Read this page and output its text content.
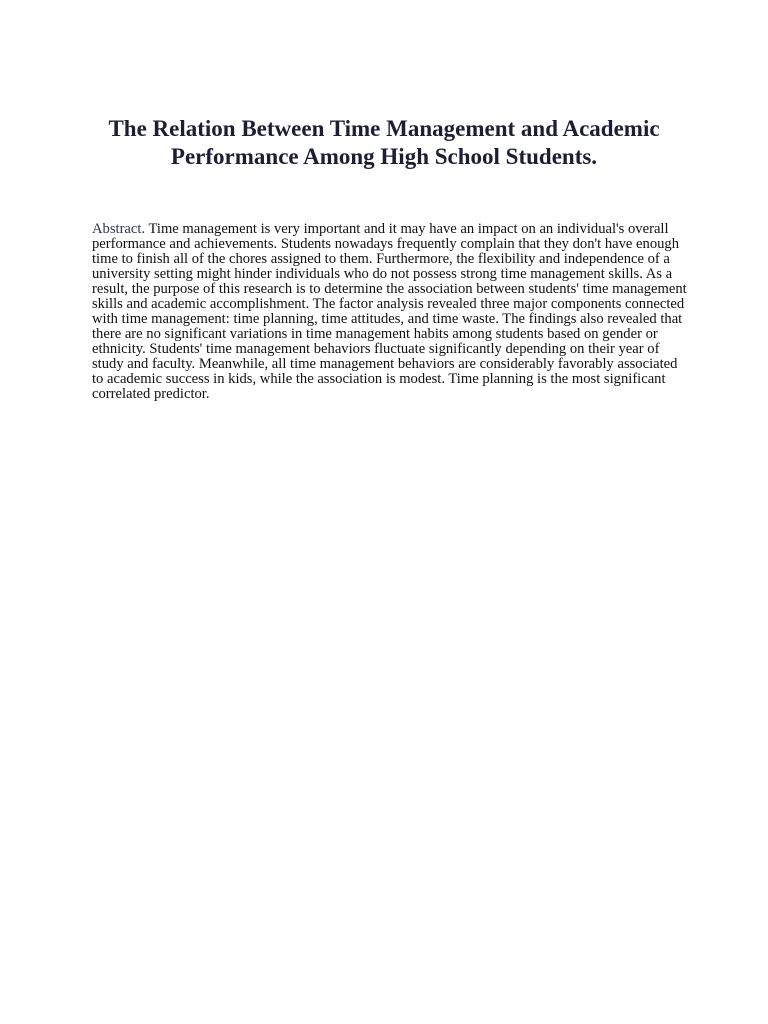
The Relation Between Time Management and Academic Performance Among High School Students.

Abstract. Time management is very important and it may have an impact on an individual's overall performance and achievements. Students nowadays frequently complain that they don't have enough time to finish all of the chores assigned to them. Furthermore, the flexibility and independence of a university setting might hinder individuals who do not possess strong time management skills. As a result, the purpose of this research is to determine the association between students' time management skills and academic accomplishment. The factor analysis revealed three major components connected with time management: time planning, time attitudes, and time waste. The findings also revealed that there are no significant variations in time management habits among students based on gender or ethnicity. Students' time management behaviors fluctuate significantly depending on their year of study and faculty. Meanwhile, all time management behaviors are considerably favorably associated to academic success in kids, while the association is modest. Time planning is the most significant correlated predictor.
